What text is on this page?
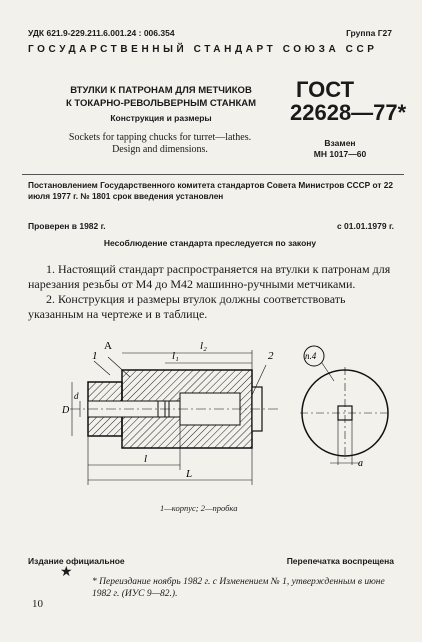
УДК 621.9-229.211.6.001.24 : 006.354	Группа Г27
ГОСУДАРСТВЕННЫЙ СТАНДАРТ СОЮЗА ССР
ВТУЛКИ К ПАТРОНАМ ДЛЯ МЕТЧИКОВ
К ТОКАРНО-РЕВОЛЬВЕРНЫМ СТАНКАМ
Конструкция и размеры
Sockets for tapping chucks for turret—lathes.
Design and dimensions.
ГОСТ
22628—77*
Взамен
МН 1017—60
Постановлением Государственного комитета стандартов Совета Министров СССР от 22 июля 1977 г. № 1801 срок введения установлен
Проверен в 1982 г.	с 01.01.1979 г.
Несоблюдение стандарта преследуется по закону
1. Настоящий стандарт распространяется на втулки к патронам для нарезания резьбы от М4 до М42 машинно-ручными метчиками.
2. Конструкция и размеры втулок должны соответствовать указанным на чертеже и в таблице.
1
A
2
l₂
l₁
l
L
D
d
п.4
a
1—корпус; 2—пробка
Издание официальное
★
Перепечатка воспрещена
* Переиздание ноябрь 1982 г. с Изменением № 1, утвержденным в июне 1982 г. (ИУС 9—82.).
10
